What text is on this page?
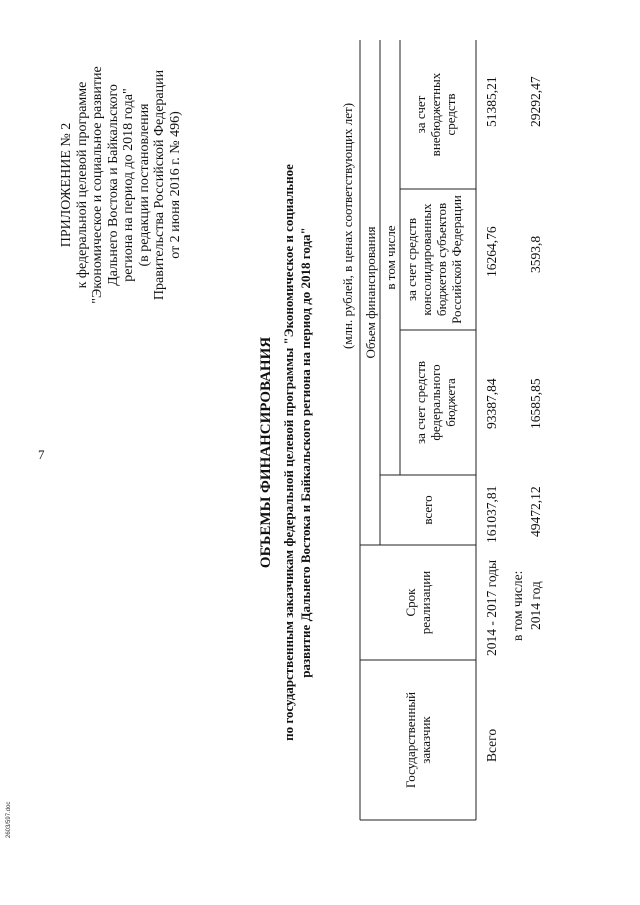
7
2603/597.doc
ПРИЛОЖЕНИЕ № 2 к федеральной целевой программе "Экономическое и социальное развитие Дальнего Востока и Байкальского региона на период до 2018 года" (в редакции постановления Правительства Российской Федерации от 2 июня 2016 г. № 496)
ОБЪЕМЫ ФИНАНСИРОВАНИЯ по государственным заказчикам федеральной целевой программы "Экономическое и социальное развитие Дальнего Востока и Байкальского региона на период до 2018 года"
(млн. рублей, в ценах соответствующих лет)
Государственный заказчик
Срок реализации
Объем финансирования
всего
в том числе
за счет средств федерального бюджета
за счет средств консолидированных бюджетов субъектов Российской Федерации
за счет внебюджетных средств
Всего
2014 - 2017 годы
161037,81
93387,84
16264,76
51385,21
в том числе: 2014 год
49472,12
16585,85
3593,8
29292,47
